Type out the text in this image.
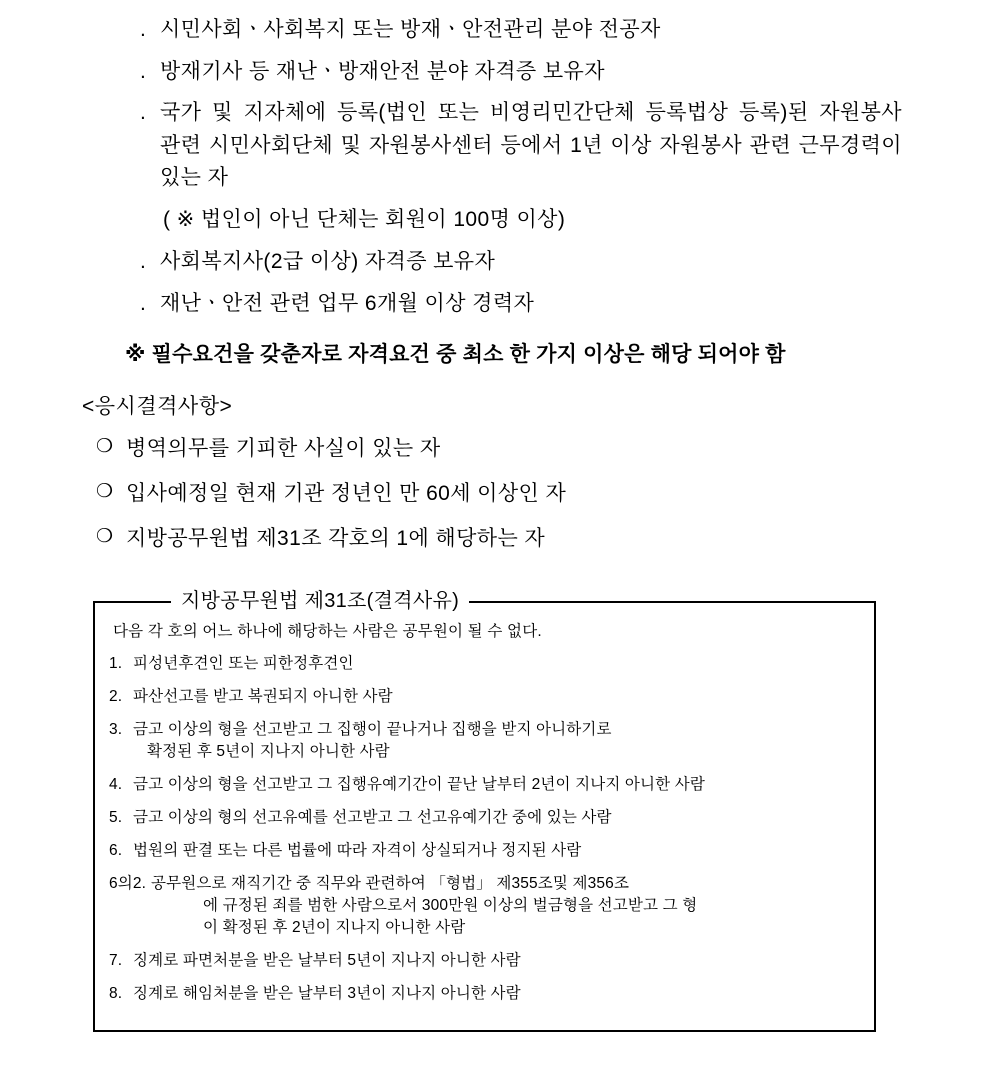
. 시민사회ㆍ사회복지 또는 방재ㆍ안전관리 분야 전공자
. 방재기사 등 재난ㆍ방재안전 분야 자격증 보유자
. 국가 및 지자체에 등록(법인 또는 비영리민간단체 등록법상 등록)된 자원봉사 관련 시민사회단체 및 자원봉사센터 등에서 1년 이상 자원봉사 관련 근무경력이 있는 자
( ※ 법인이 아닌 단체는 회원이 100명 이상)
. 사회복지사(2급 이상) 자격증 보유자
. 재난ㆍ안전 관련 업무 6개월 이상 경력자
※ 필수요건을 갖춘자로 자격요건 중 최소 한 가지 이상은 해당 되어야 함
<응시결격사항>
❍ 병역의무를 기피한 사실이 있는 자
❍ 입사예정일 현재 기관 정년인 만 60세 이상인 자
❍ 지방공무원법 제31조 각호의 1에 해당하는 자
지방공무원법 제31조(결격사유)
다음 각 호의 어느 하나에 해당하는 사람은 공무원이 될 수 없다.
1. 피성년후견인 또는 피한정후견인
2. 파산선고를 받고 복권되지 아니한 사람
3. 금고 이상의 형을 선고받고 그 집행이 끝나거나 집행을 받지 아니하기로
확정된 후 5년이 지나지 아니한 사람
4. 금고 이상의 형을 선고받고 그 집행유예기간이 끝난 날부터 2년이 지나지 아니한 사람
5. 금고 이상의 형의 선고유예를 선고받고 그 선고유예기간 중에 있는 사람
6. 법원의 판결 또는 다른 법률에 따라 자격이 상실되거나 정지된 사람
6의2. 공무원으로 재직기간 중 직무와 관련하여 「형법」 제355조및 제356조
에 규정된 죄를 범한 사람으로서 300만원 이상의 벌금형을 선고받고 그 형
이 확정된 후 2년이 지나지 아니한 사람
7. 징계로 파면처분을 받은 날부터 5년이 지나지 아니한 사람
8. 징계로 해임처분을 받은 날부터 3년이 지나지 아니한 사람
